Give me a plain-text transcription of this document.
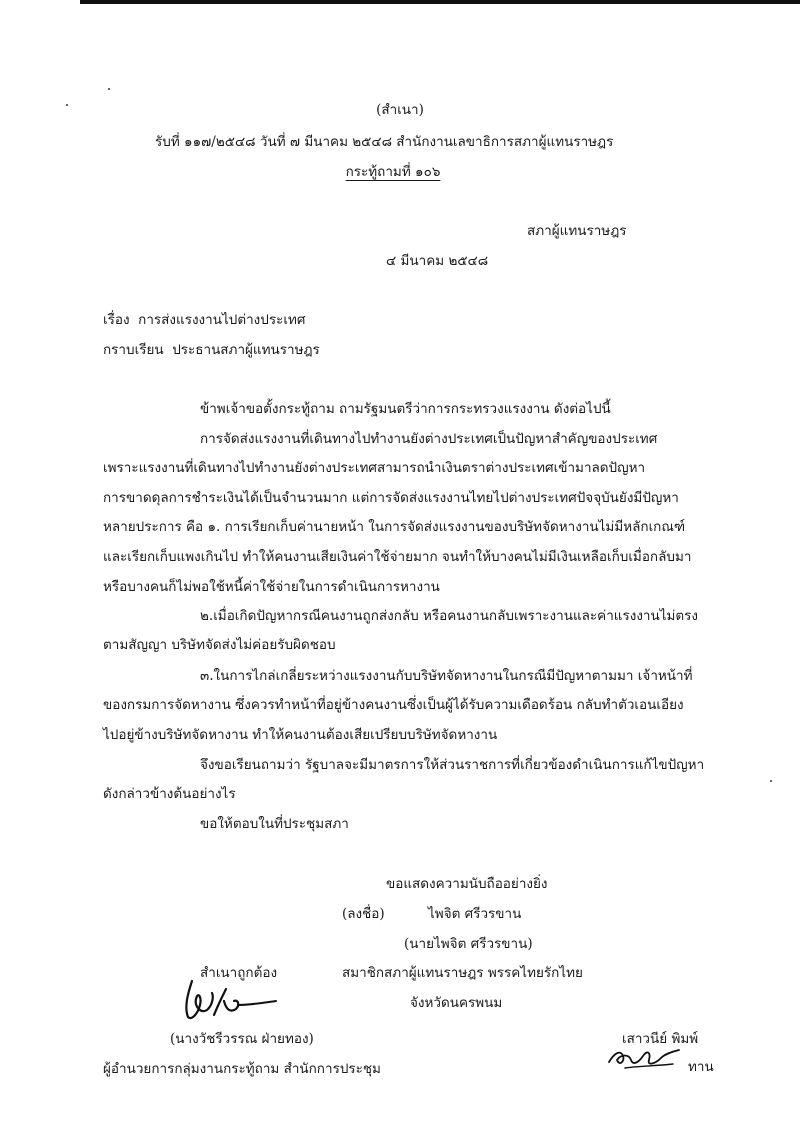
(สำเนา)
รับที่ ๑๑๗/๒๕๔๘ วันที่ ๗ มีนาคม ๒๕๔๘ สำนักงานเลขาธิการสภาผู้แทนราษฎร
กระทู้ถามที่ ๑๐๖
สภาผู้แทนราษฎร
๔ มีนาคม ๒๕๔๘
เรื่อง การส่งแรงงานไปต่างประเทศ
กราบเรียน ประธานสภาผู้แทนราษฎร
ข้าพเจ้าขอตั้งกระทู้ถาม ถามรัฐมนตรีว่าการกระทรวงแรงงาน ดังต่อไปนี้
การจัดส่งแรงงานที่เดินทางไปทำงานยังต่างประเทศเป็นปัญหาสำคัญของประเทศ
เพราะแรงงานที่เดินทางไปทำงานยังต่างประเทศสามารถนำเงินตราต่างประเทศเข้ามาลดปัญหา
การขาดดุลการชำระเงินได้เป็นจำนวนมาก แต่การจัดส่งแรงงานไทยไปต่างประเทศปัจจุบันยังมีปัญหา
หลายประการ คือ ๑. การเรียกเก็บค่านายหน้า ในการจัดส่งแรงงานของบริษัทจัดหางานไม่มีหลักเกณฑ์
และเรียกเก็บแพงเกินไป ทำให้คนงานเสียเงินค่าใช้จ่ายมาก จนทำให้บางคนไม่มีเงินเหลือเก็บเมื่อกลับมา
หรือบางคนก็ไม่พอใช้หนี้ค่าใช้จ่ายในการดำเนินการหางาน
๒.เมื่อเกิดปัญหากรณีคนงานถูกส่งกลับ หรือคนงานกลับเพราะงานและค่าแรงงานไม่ตรง
ตามสัญญา บริษัทจัดส่งไม่ค่อยรับผิดชอบ
๓.ในการไกล่เกลี่ยระหว่างแรงงานกับบริษัทจัดหางานในกรณีมีปัญหาตามมา เจ้าหน้าที่
ของกรมการจัดหางาน ซึ่งควรทำหน้าที่อยู่ข้างคนงานซึ่งเป็นผู้ได้รับความเดือดร้อน กลับทำตัวเอนเอียง
ไปอยู่ข้างบริษัทจัดหางาน ทำให้คนงานต้องเสียเปรียบบริษัทจัดหางาน
จึงขอเรียนถามว่า รัฐบาลจะมีมาตรการให้ส่วนราชการที่เกี่ยวข้องดำเนินการแก้ไขปัญหา
ดังกล่าวข้างต้นอย่างไร
ขอให้ตอบในที่ประชุมสภา
ขอแสดงความนับถืออย่างยิ่ง
(ลงชื่อ)	ไพจิต ศรีวรขาน
(นายไพจิต ศรีวรขาน)
สมาชิกสภาผู้แทนราษฎร พรรคไทยรักไทย
จังหวัดนครพนม
สำเนาถูกต้อง
(นางวัชรีวรรณ ฝ่ายทอง)
ผู้อำนวยการกลุ่มงานกระทู้ถาม สำนักการประชุม
เสาวนีย์ พิมพ์
ทาน
